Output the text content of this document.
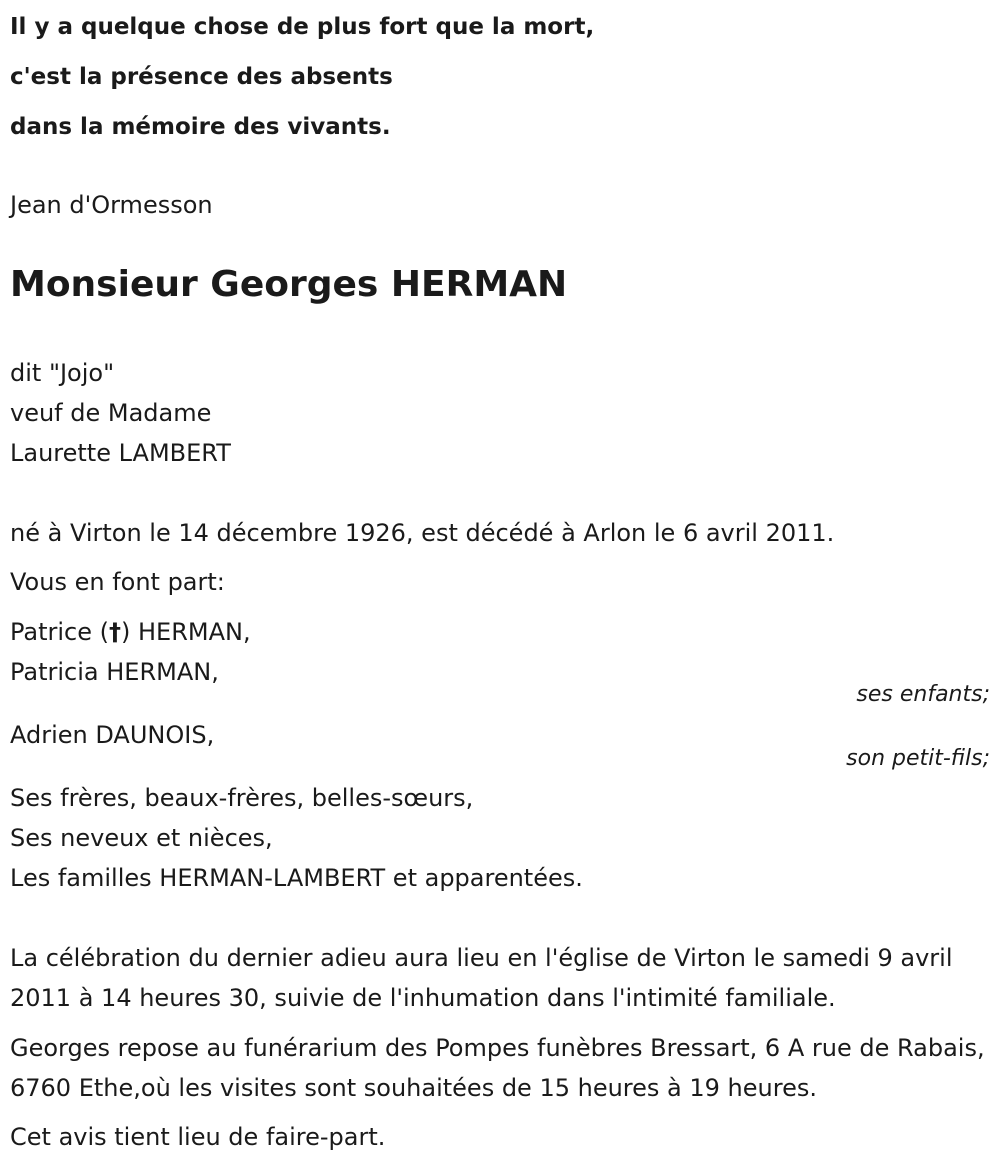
Il y a quelque chose de plus fort que la mort,
c'est la présence des absents
dans la mémoire des vivants.
Jean d'Ormesson
Monsieur Georges HERMAN
dit "Jojo"
veuf de Madame
Laurette LAMBERT
né à Virton le 14 décembre 1926, est décédé à Arlon le 6 avril 2011.
Vous en font part:
Patrice (†) HERMAN,
Patricia HERMAN,
ses enfants;
Adrien DAUNOIS,
son petit-fils;
Ses frères, beaux-frères, belles-sœurs,
Ses neveux et nièces,
Les familles HERMAN-LAMBERT et apparentées.
La célébration du dernier adieu aura lieu en l'église de Virton le samedi 9 avril 2011 à 14 heures 30, suivie de l'inhumation dans l'intimité familiale.
Georges repose au funérarium des Pompes funèbres Bressart, 6 A rue de Rabais, 6760 Ethe,où les visites sont souhaitées de 15 heures à 19 heures.
Cet avis tient lieu de faire-part.
